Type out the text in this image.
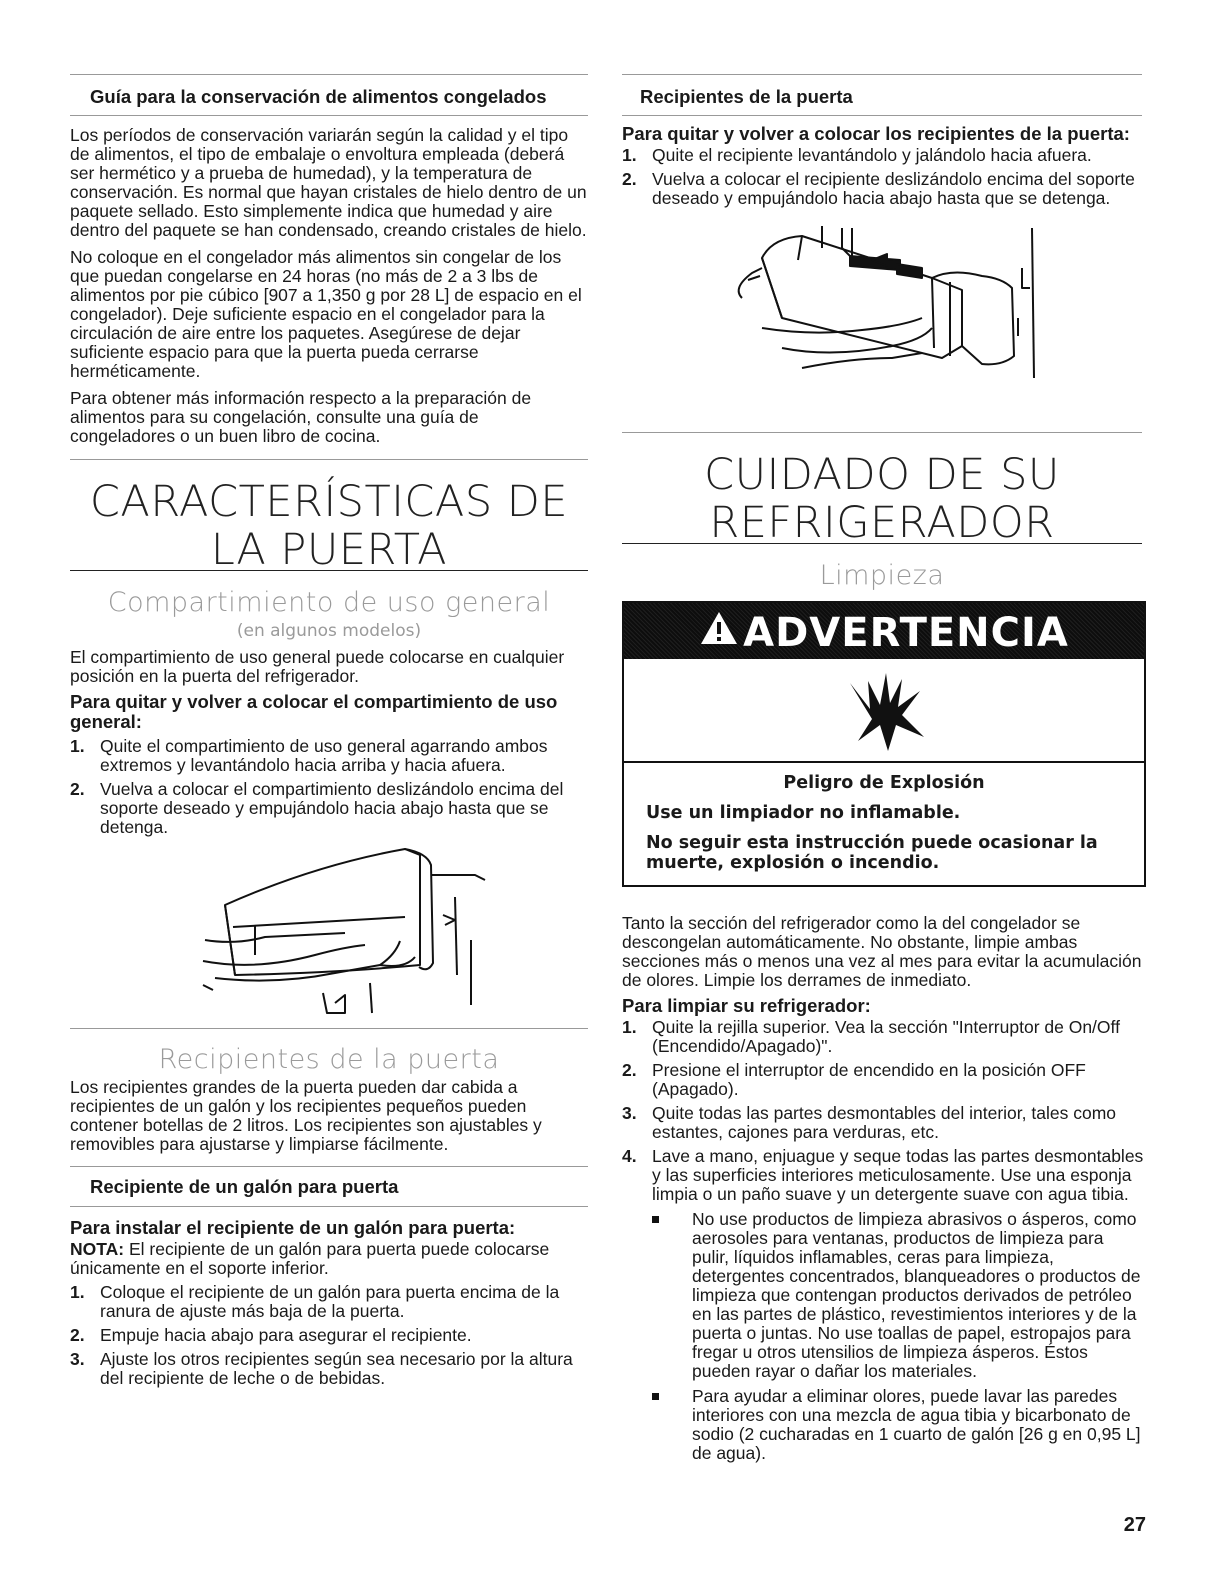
Guía para la conservación de alimentos congelados

Los períodos de conservación variarán según la calidad y el tipo de alimentos, el tipo de embalaje o envoltura empleada (deberá ser hermético y a prueba de humedad), y la temperatura de conservación. Es normal que hayan cristales de hielo dentro de un paquete sellado. Esto simplemente indica que humedad y aire dentro del paquete se han condensado, creando cristales de hielo.

No coloque en el congelador más alimentos sin congelar de los que puedan congelarse en 24 horas (no más de 2 a 3 lbs de alimentos por pie cúbico [907 a 1,350 g por 28 L] de espacio en el congelador). Deje suficiente espacio en el congelador para la circulación de aire entre los paquetes. Asegúrese de dejar suficiente espacio para que la puerta pueda cerrarse herméticamente.

Para obtener más información respecto a la preparación de alimentos para su congelación, consulte una guía de congeladores o un buen libro de cocina.

CARACTERÍSTICAS DE
LA PUERTA
Compartimiento de uso general
(en algunos modelos)

El compartimiento de uso general puede colocarse en cualquier posición en la puerta del refrigerador.

Para quitar y volver a colocar el compartimiento de uso general:

1. Quite el compartimiento de uso general agarrando ambos extremos y levantándolo hacia arriba y hacia afuera.
2. Vuelva a colocar el compartimiento deslizándolo encima del soporte deseado y empujándolo hacia abajo hasta que se detenga.
Recipientes de la puerta
Los recipientes grandes de la puerta pueden dar cabida a recipientes de un galón y los recipientes pequeños pueden contener botellas de 2 litros. Los recipientes son ajustables y removibles para ajustarse y limpiarse fácilmente.
Recipiente de un galón para puerta

Para instalar el recipiente de un galón para puerta:

NOTA: El recipiente de un galón para puerta puede colocarse únicamente en el soporte inferior.

1. Coloque el recipiente de un galón para puerta encima de la ranura de ajuste más baja de la puerta.
2. Empuje hacia abajo para asegurar el recipiente.
3. Ajuste los otros recipientes según sea necesario por la altura del recipiente de leche o de bebidas.
Recipientes de la puerta

Para quitar y volver a colocar los recipientes de la puerta:

1. Quite el recipiente levantándolo y jalándolo hacia afuera.
2. Vuelva a colocar el recipiente deslizándolo encima del soporte deseado y empujándolo hacia abajo hasta que se detenga.
CUIDADO DE SU
REFRIGERADOR
Limpieza
ADVERTENCIA
Peligro de Explosión
Use un limpiador no inflamable.
No seguir esta instrucción puede ocasionar la muerte, explosión o incendio.

Tanto la sección del refrigerador como la del congelador se descongelan automáticamente. No obstante, limpie ambas secciones más o menos una vez al mes para evitar la acumulación de olores. Limpie los derrames de inmediato.

Para limpiar su refrigerador:

1. Quite la rejilla superior. Vea la sección "Interruptor de On/Off (Encendido/Apagado)".
2. Presione el interruptor de encendido en la posición OFF (Apagado).
3. Quite todas las partes desmontables del interior, tales como estantes, cajones para verduras, etc.
4. Lave a mano, enjuague y seque todas las partes desmontables y las superficies interiores meticulosamente. Use una esponja limpia o un paño suave y un detergente suave con agua tibia.
No use productos de limpieza abrasivos o ásperos, como aerosoles para ventanas, productos de limpieza para pulir, líquidos inflamables, ceras para limpieza, detergentes concentrados, blanqueadores o productos de limpieza que contengan productos derivados de petróleo en las partes de plástico, revestimientos interiores y de la puerta o juntas. No use toallas de papel, estropajos para fregar u otros utensilios de limpieza ásperos. Éstos pueden rayar o dañar los materiales.
Para ayudar a eliminar olores, puede lavar las paredes interiores con una mezcla de agua tibia y bicarbonato de sodio (2 cucharadas en 1 cuarto de galón [26 g en 0,95 L] de agua).
27
